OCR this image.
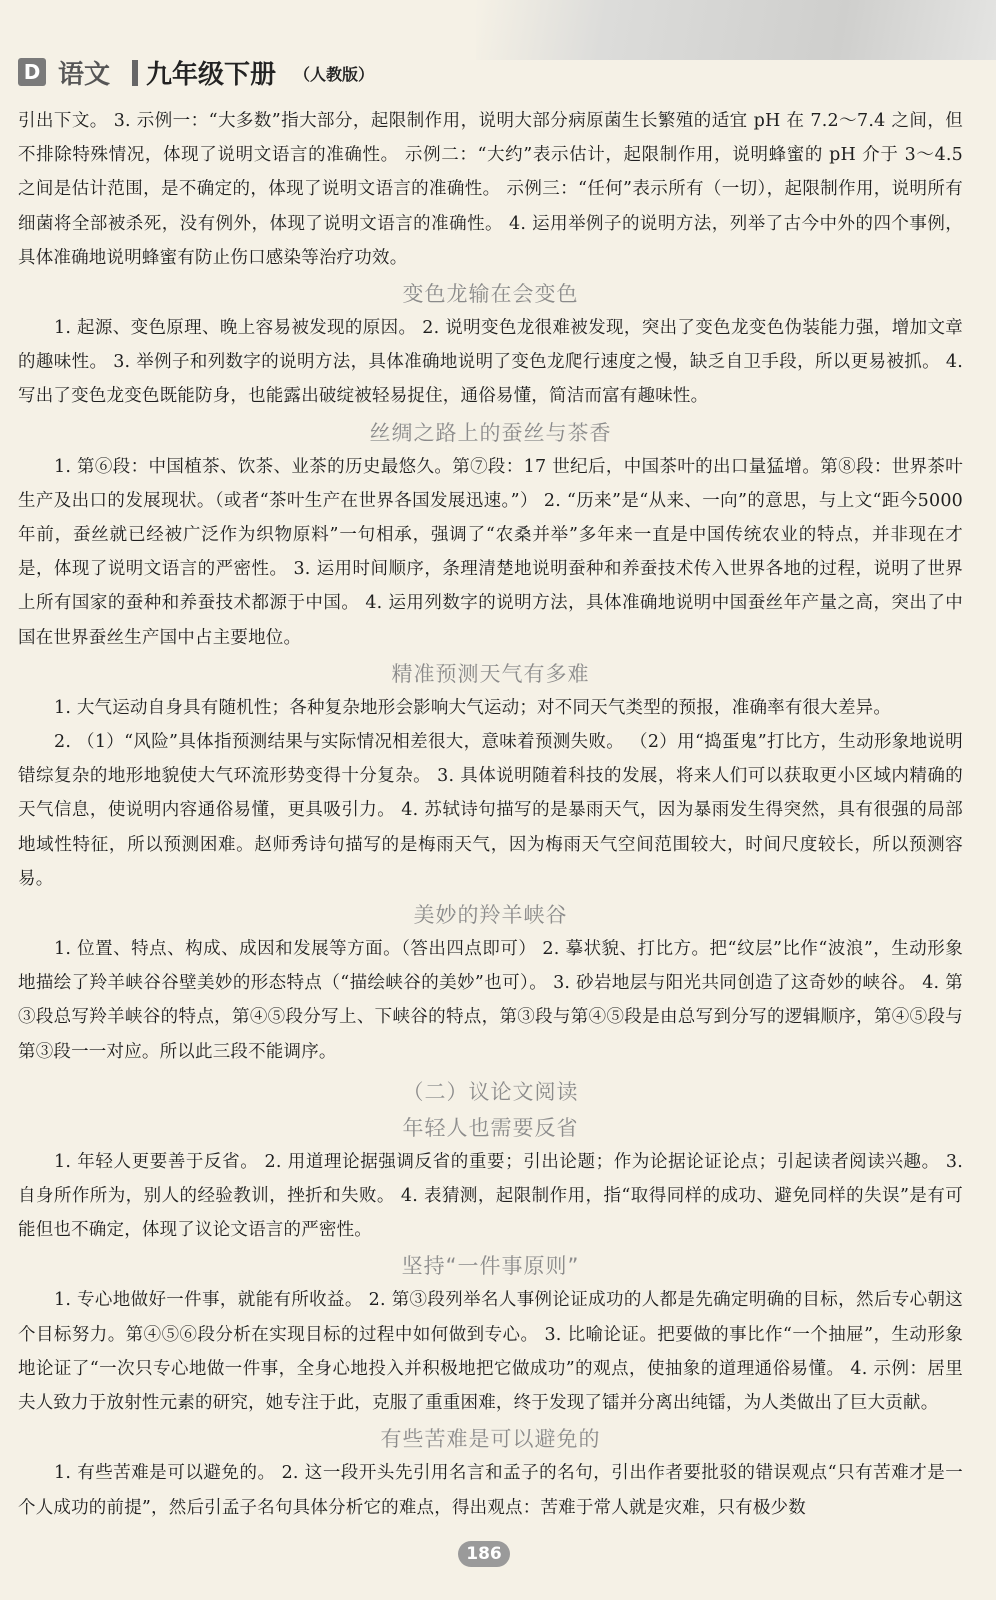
D 语文 九年级下册 （人教版）

引出下文。 3. 示例一：“大多数”指大部分，起限制作用，说明大部分病原菌生长繁殖的适宜 pH 在 7.2～7.4 之间，但不排除特殊情况，体现了说明文语言的准确性。 示例二：“大约”表示估计，起限制作用，说明蜂蜜的 pH 介于 3～4.5 之间是估计范围，是不确定的，体现了说明文语言的准确性。 示例三：“任何”表示所有（一切），起限制作用，说明所有细菌将全部被杀死，没有例外，体现了说明文语言的准确性。 4. 运用举例子的说明方法，列举了古今中外的四个事例，具体准确地说明蜂蜜有防止伤口感染等治疗功效。

变色龙输在会变色

1. 起源、变色原理、晚上容易被发现的原因。 2. 说明变色龙很难被发现，突出了变色龙变色伪装能力强，增加文章的趣味性。 3. 举例子和列数字的说明方法，具体准确地说明了变色龙爬行速度之慢，缺乏自卫手段，所以更易被抓。 4. 写出了变色龙变色既能防身，也能露出破绽被轻易捉住，通俗易懂，简洁而富有趣味性。

丝绸之路上的蚕丝与茶香

1. 第⑥段：中国植茶、饮茶、业茶的历史最悠久。第⑦段：17 世纪后，中国茶叶的出口量猛增。第⑧段：世界茶叶生产及出口的发展现状。（或者“茶叶生产在世界各国发展迅速。”） 2. “历来”是“从来、一向”的意思，与上文“距今5000年前，蚕丝就已经被广泛作为织物原料”一句相承，强调了“农桑并举”多年来一直是中国传统农业的特点，并非现在才是，体现了说明文语言的严密性。 3. 运用时间顺序，条理清楚地说明蚕种和养蚕技术传入世界各地的过程，说明了世界上所有国家的蚕种和养蚕技术都源于中国。 4. 运用列数字的说明方法，具体准确地说明中国蚕丝年产量之高，突出了中国在世界蚕丝生产国中占主要地位。

精准预测天气有多难

1. 大气运动自身具有随机性；各种复杂地形会影响大气运动；对不同天气类型的预报，准确率有很大差异。

2. （1）“风险”具体指预测结果与实际情况相差很大，意味着预测失败。 （2）用“捣蛋鬼”打比方，生动形象地说明错综复杂的地形地貌使大气环流形势变得十分复杂。 3. 具体说明随着科技的发展，将来人们可以获取更小区域内精确的天气信息，使说明内容通俗易懂，更具吸引力。 4. 苏轼诗句描写的是暴雨天气，因为暴雨发生得突然，具有很强的局部地域性特征，所以预测困难。赵师秀诗句描写的是梅雨天气，因为梅雨天气空间范围较大，时间尺度较长，所以预测容易。

美妙的羚羊峡谷

1. 位置、特点、构成、成因和发展等方面。（答出四点即可） 2. 摹状貌、打比方。把“纹层”比作“波浪”，生动形象地描绘了羚羊峡谷谷壁美妙的形态特点（“描绘峡谷的美妙”也可）。 3. 砂岩地层与阳光共同创造了这奇妙的峡谷。 4. 第③段总写羚羊峡谷的特点，第④⑤段分写上、下峡谷的特点，第③段与第④⑤段是由总写到分写的逻辑顺序，第④⑤段与第③段一一对应。所以此三段不能调序。

（二）议论文阅读
年轻人也需要反省

1. 年轻人更要善于反省。 2. 用道理论据强调反省的重要；引出论题；作为论据论证论点；引起读者阅读兴趣。 3. 自身所作所为，别人的经验教训，挫折和失败。 4. 表猜测，起限制作用，指“取得同样的成功、避免同样的失误”是有可能但也不确定，体现了议论文语言的严密性。

坚持“一件事原则”

1. 专心地做好一件事，就能有所收益。 2. 第③段列举名人事例论证成功的人都是先确定明确的目标，然后专心朝这个目标努力。第④⑤⑥段分析在实现目标的过程中如何做到专心。 3. 比喻论证。把要做的事比作“一个抽屉”，生动形象地论证了“一次只专心地做一件事，全身心地投入并积极地把它做成功”的观点，使抽象的道理通俗易懂。 4. 示例：居里夫人致力于放射性元素的研究，她专注于此，克服了重重困难，终于发现了镭并分离出纯镭，为人类做出了巨大贡献。

有些苦难是可以避免的

1. 有些苦难是可以避免的。 2. 这一段开头先引用名言和孟子的名句，引出作者要批驳的错误观点“只有苦难才是一个人成功的前提”，然后引孟子名句具体分析它的难点，得出观点：苦难于常人就是灾难，只有极少数

186
